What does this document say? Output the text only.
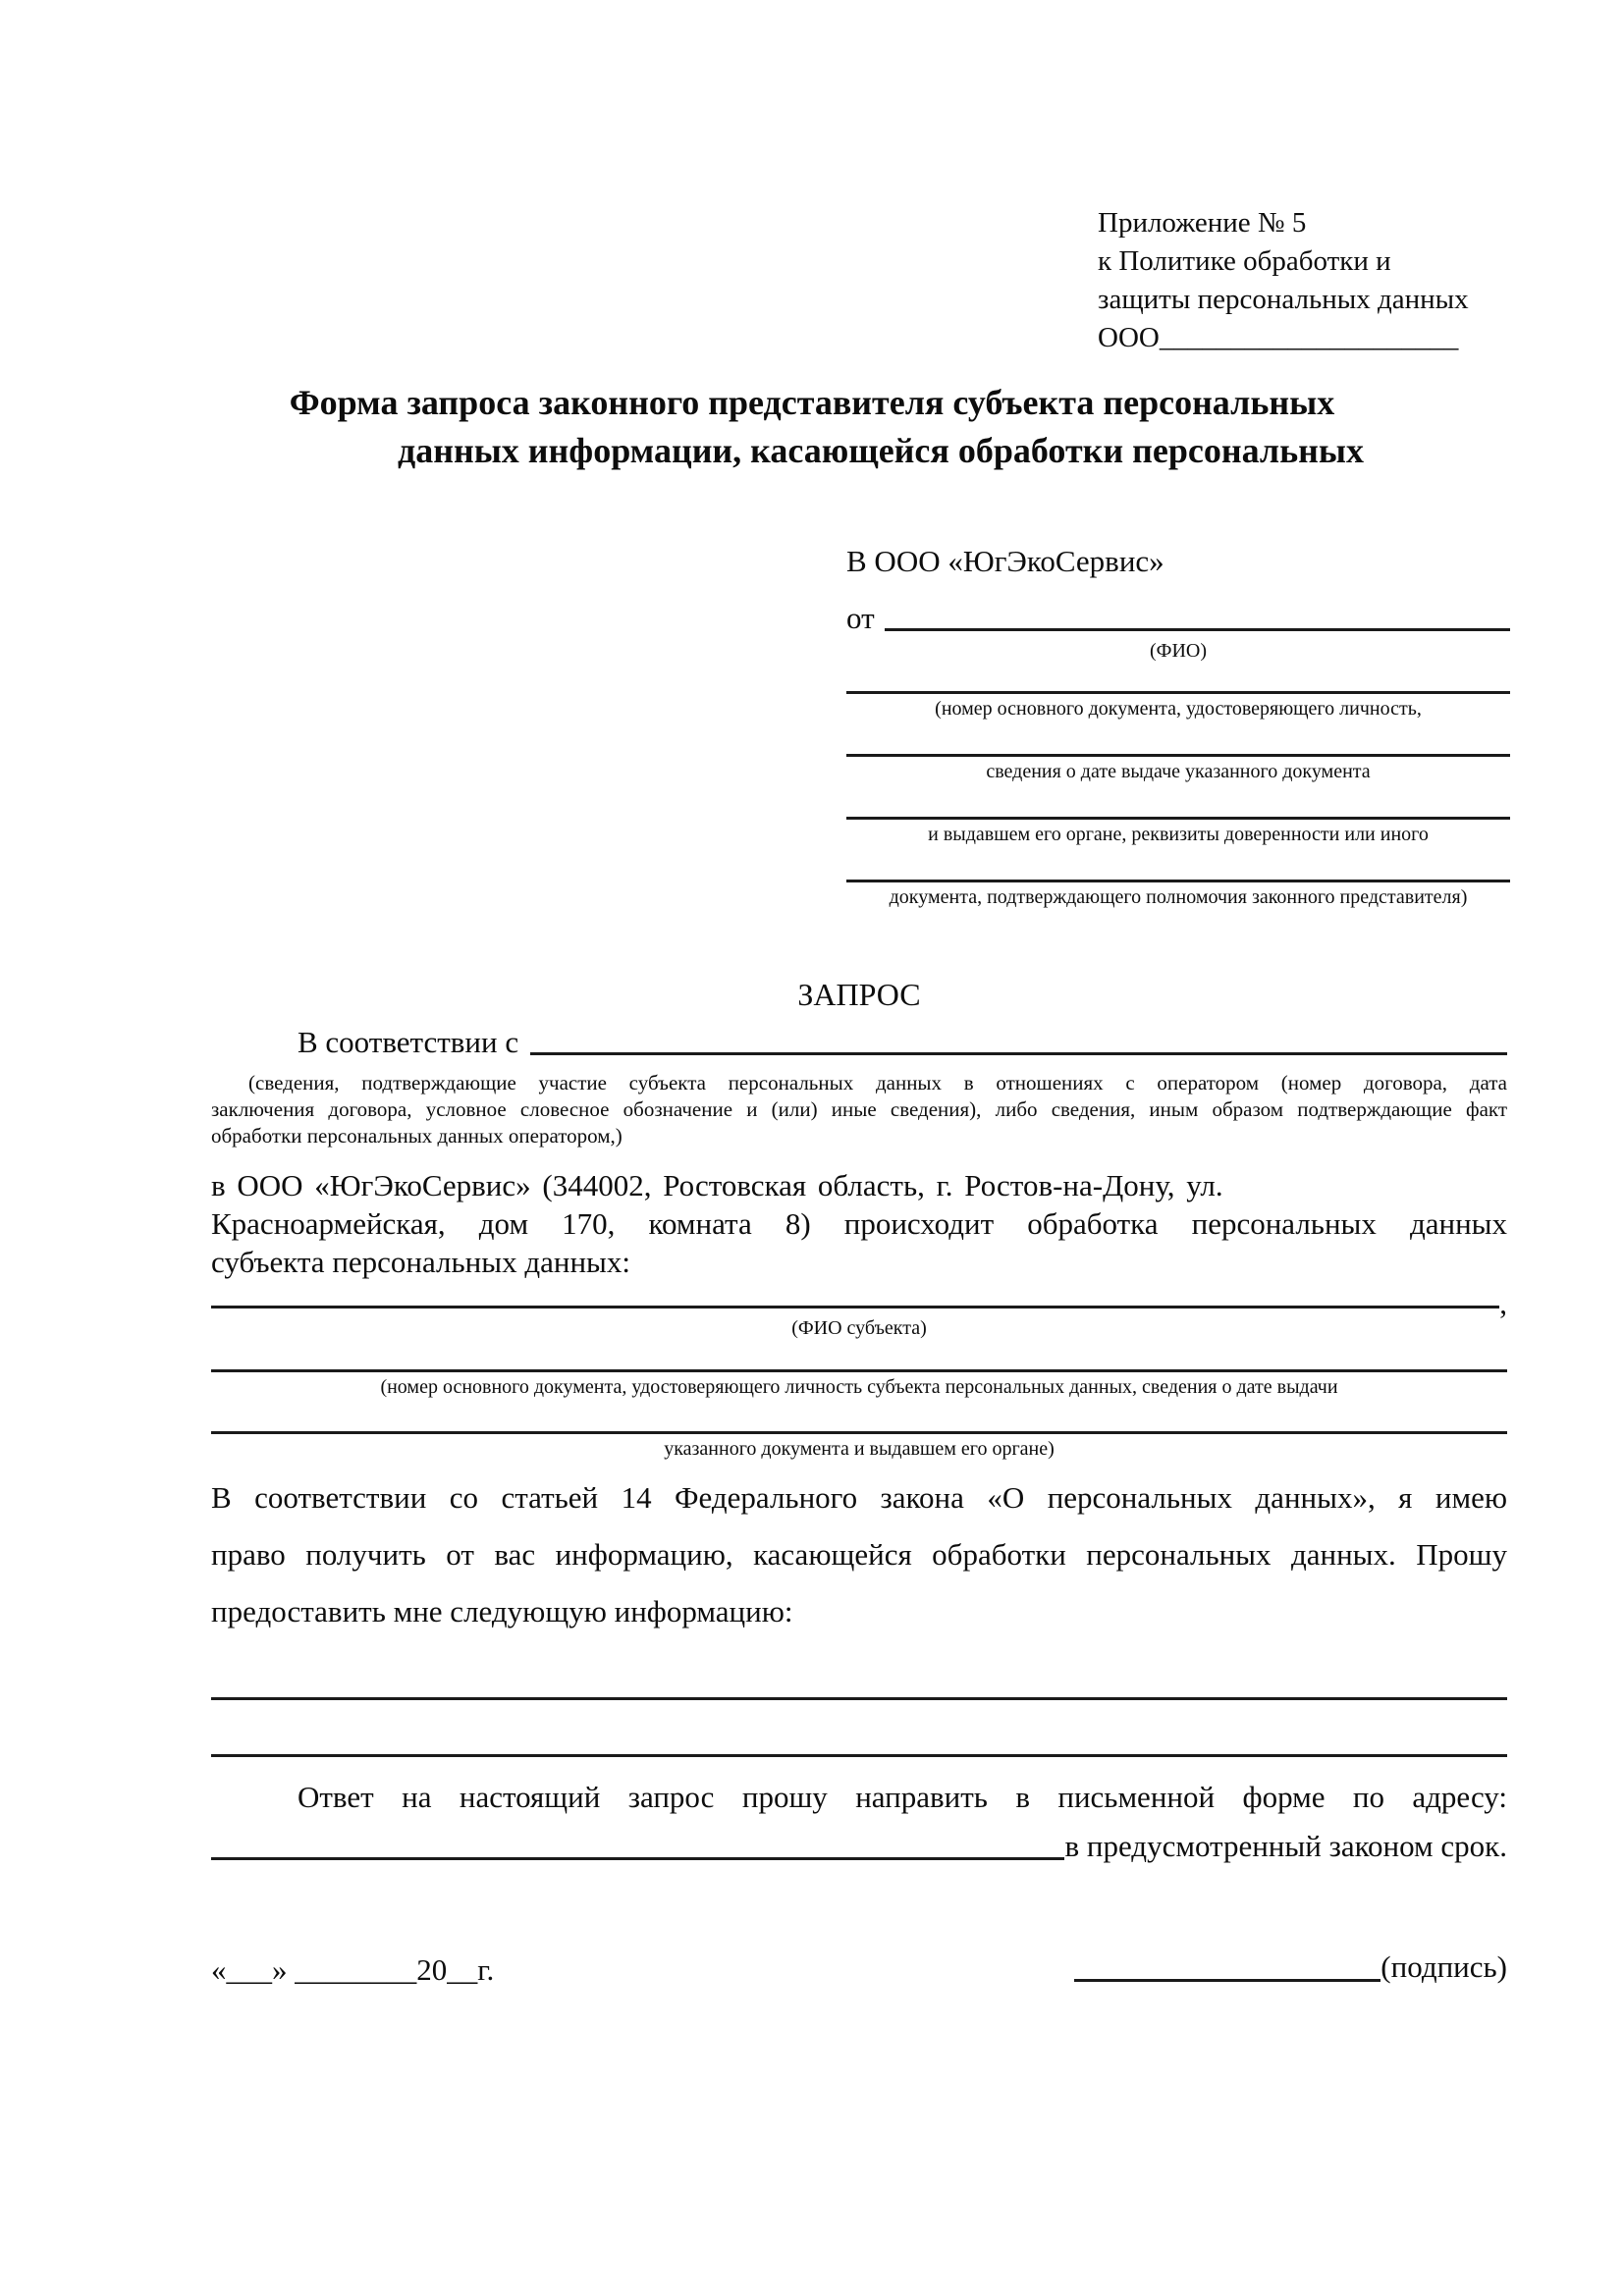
Приложение № 5
к Политике обработки и
защиты персональных данных
ООО_____________________
Форма запроса законного представителя субъекта персональных
данных информации, касающейся обработки персональных
В ООО «ЮгЭкоСервис»
от
(ФИО)
(номер основного документа, удостоверяющего личность,
сведения о дате выдаче указанного документа
и выдавшем его органе, реквизиты доверенности или иного
документа, подтверждающего полномочия законного представителя)
ЗАПРОС
В соответствии с
(сведения, подтверждающие участие субъекта персональных данных в отношениях с оператором (номер договора, дата
заключения договора, условное словесное обозначение и (или) иные сведения), либо сведения, иным образом подтверждающие факт
обработки персональных данных оператором,)
в ООО «ЮгЭкоСервис» (344002, Ростовская область, г. Ростов-на-Дону, ул.
Красноармейская, дом 170, комната 8) происходит обработка персональных данных
субъекта персональных данных:
,
(ФИО субъекта)
(номер основного документа, удостоверяющего личность субъекта персональных данных, сведения о дате выдачи
указанного документа и выдавшем его органе)
В соответствии со статьей 14 Федерального закона «О персональных данных», я имею
право получить от вас информацию, касающейся обработки персональных данных. Прошу
предоставить мне следующую информацию:
Ответ на настоящий запрос прошу направить в письменной форме по адресу:
в предусмотренный законом срок.
«___» ________20__г.	(подпись)
